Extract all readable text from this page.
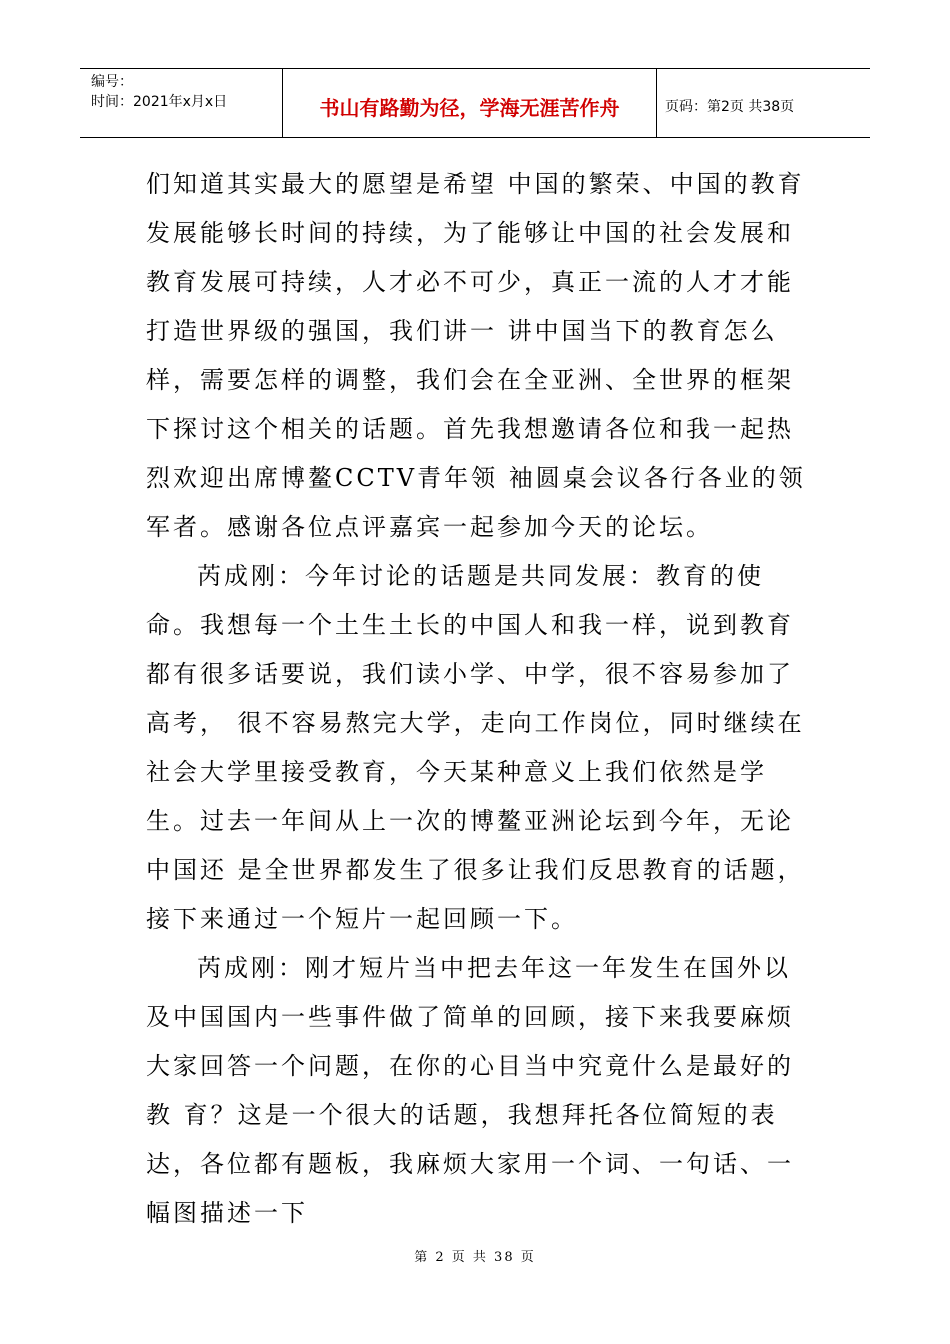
编号：
时间：2021年x月x日	书山有路勤为径，学海无涯苦作舟	页码：第2页 共38页

们知道其实最大的愿望是希望 中国的繁荣、中国的教育发展能够长时间的持续，为了能够让中国的社会发展和教育发展可持续，人才必不可少，真正一流的人才才能打造世界级的强国，我们讲一 讲中国当下的教育怎么样，需要怎样的调整，我们会在全亚洲、全世界的框架下探讨这个相关的话题。首先我想邀请各位和我一起热烈欢迎出席博鳌CCTV青年领 袖圆桌会议各行各业的领军者。感谢各位点评嘉宾一起参加今天的论坛。

芮成刚：今年讨论的话题是共同发展：教育的使命。我想每一个土生土长的中国人和我一样，说到教育都有很多话要说，我们读小学、中学，很不容易参加了高考， 很不容易熬完大学，走向工作岗位，同时继续在社会大学里接受教育，今天某种意义上我们依然是学生。过去一年间从上一次的博鳌亚洲论坛到今年，无论中国还 是全世界都发生了很多让我们反思教育的话题，接下来通过一个短片一起回顾一下。

芮成刚：刚才短片当中把去年这一年发生在国外以及中国国内一些事件做了简单的回顾，接下来我要麻烦大家回答一个问题，在你的心目当中究竟什么是最好的教 育？这是一个很大的话题，我想拜托各位简短的表达，各位都有题板，我麻烦大家用一个词、一句话、一幅图描述一下

第 2 页 共 38 页
